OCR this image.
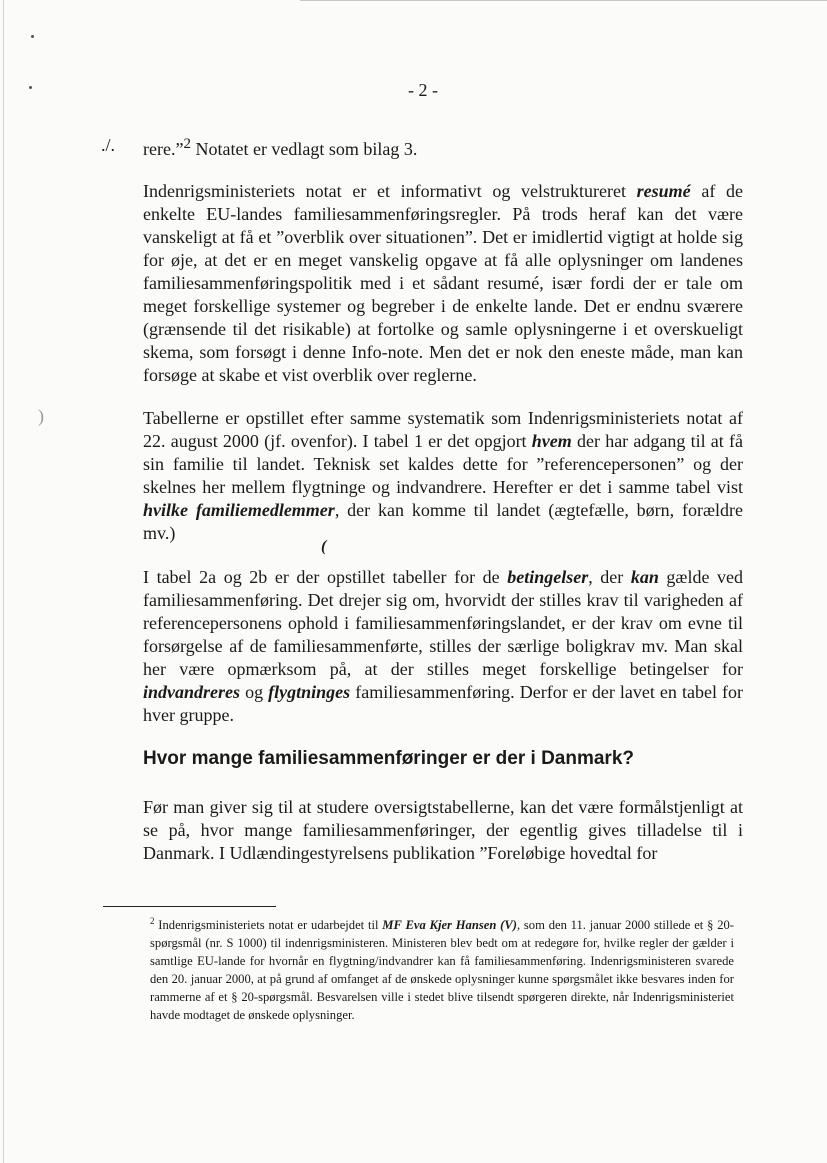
)
(
- 2 -
./. rere.”$^2$ Notatet er vedlagt som bilag 3.

Indenrigsministeriets notat er et informativt og velstruktureret resumé af de enkelte EU-landes familiesammenføringsregler. På trods heraf kan det være vanskeligt at få et ”overblik over situationen”. Det er imidlertid vigtigt at holde sig for øje, at det er en meget vanskelig opgave at få alle oplysninger om landenes familiesammenføringspolitik med i et sådant resumé, især fordi der er tale om meget forskellige systemer og begreber i de enkelte lande. Det er endnu sværere (grænsende til det risikable) at fortolke og samle oplysningerne i et overskueligt skema, som forsøgt i denne Info-note. Men det er nok den eneste måde, man kan forsøge at skabe et vist overblik over reglerne.

Tabellerne er opstillet efter samme systematik som Indenrigsministeriets notat af 22. august 2000 (jf. ovenfor). I tabel 1 er det opgjort hvem der har adgang til at få sin familie til landet. Teknisk set kaldes dette for ”referencepersonen” og der skelnes her mellem flygtninge og indvandrere. Herefter er det i samme tabel vist hvilke familiemedlemmer, der kan komme til landet (ægtefælle, børn, forældre mv.)

I tabel 2a og 2b er der opstillet tabeller for de betingelser, der kan gælde ved familiesammenføring. Det drejer sig om, hvorvidt der stilles krav til varigheden af referencepersonens ophold i familiesammenføringslandet, er der krav om evne til forsørgelse af de familiesammenførte, stilles der særlige boligkrav mv. Man skal her være opmærksom på, at der stilles meget forskellige betingelser for indvandreres og flygtninges familiesammenføring. Derfor er der lavet en tabel for hver gruppe.

Hvor mange familiesammenføringer er der i Danmark?

Før man giver sig til at studere oversigtstabellerne, kan det være formålstjenligt at se på, hvor mange familiesammenføringer, der egentlig gives tilladelse til i Danmark. I Udlændingestyrelsens publikation ”Foreløbige hovedtal for

$^2$ Indenrigsministeriets notat er udarbejdet til MF Eva Kjer Hansen (V), som den 11. januar 2000 stillede et § 20-spørgsmål (nr. S 1000) til indenrigsministeren. Ministeren blev bedt om at redegøre for, hvilke regler der gælder i samtlige EU-lande for hvornår en flygtning/indvandrer kan få familiesammenføring. Indenrigsministeren svarede den 20. januar 2000, at på grund af omfanget af de ønskede oplysninger kunne spørgsmålet ikke besvares inden for rammerne af et § 20-spørgsmål. Besvarelsen ville i stedet blive tilsendt spørgeren direkte, når Indenrigsministeriet havde modtaget de ønskede oplysninger.
